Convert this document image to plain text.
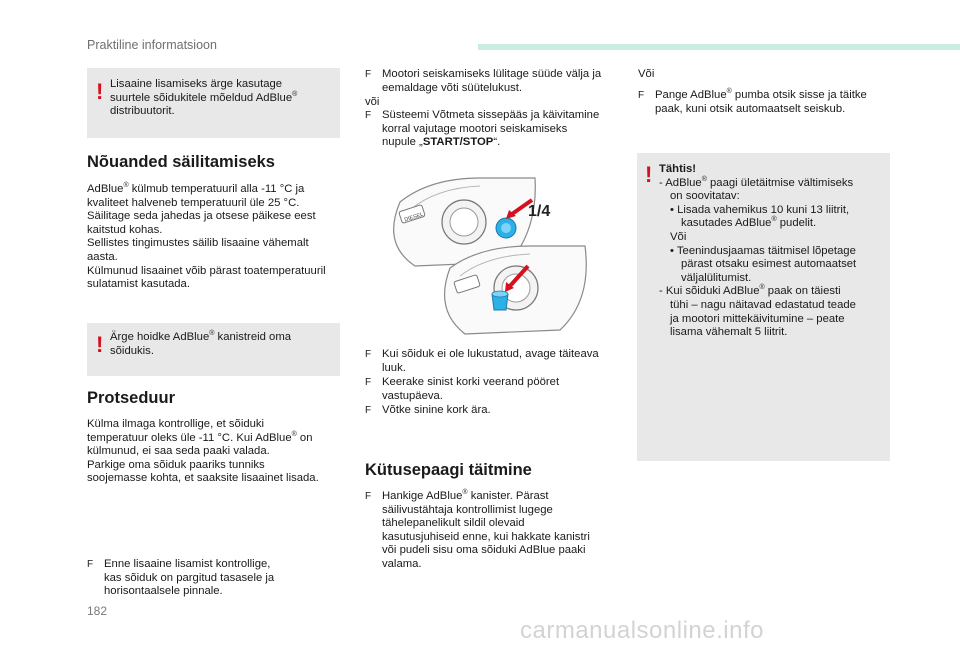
Praktiline informatsioon
! Lisaaine lisamiseks ärge kasutage
suurtele sõidukitele mõeldud AdBlue®
distribuutorit.
Nõuanded säilitamiseks
AdBlue® külmub temperatuuril alla -11 °C ja
kvaliteet halveneb temperatuuril üle 25 °C.
Säilitage seda jahedas ja otsese päikese eest
kaitstud kohas.
Sellistes tingimustes säilib lisaaine vähemalt
aasta.
Külmunud lisaainet võib pärast toatemperatuuril
sulatamist kasutada.
! Ärge hoidke AdBlue® kanistreid oma
sõidukis.
Protseduur
Külma ilmaga kontrollige, et sõiduki
temperatuur oleks üle -11 °C. Kui AdBlue® on
külmunud, ei saa seda paaki valada.
Parkige oma sõiduk paariks tunniks
soojemasse kohta, et saaksite lisaainet lisada.
F Enne lisaaine lisamist kontrollige,
kas sõiduk on pargitud tasasele ja
horisontaalsele pinnale.
F Mootori seiskamiseks lülitage süüde välja ja
eemaldage võti süütelukust.
või
F Süsteemi Võtmeta sissepääs ja käivitamine
korral vajutage mootori seiskamiseks
nupule „START/STOP“.
DIESEL	1/4
F Kui sõiduk ei ole lukustatud, avage täiteava
luuk.
F Keerake sinist korki veerand pööret
vastupäeva.
F Võtke sinine kork ära.
Kütusepaagi täitmine
F Hankige AdBlue® kanister. Pärast
säilivustähtaja kontrollimist lugege
tähelepanelikult sildil olevaid
kasutusjuhiseid enne, kui hakkate kanistri
või pudeli sisu oma sõiduki AdBlue paaki
valama.
Või
F Pange AdBlue® pumba otsik sisse ja täitke
paak, kuni otsik automaatselt seiskub.
! Tähtis!
- AdBlue® paagi ületäitmise vältimiseks
on soovitatav:
• Lisada vahemikus 10 kuni 13 liitrit,
kasutades AdBlue® pudelit.
Või
• Teenindusjaamas täitmisel lõpetage
pärast otsaku esimest automaatset
väljalülitumist.
- Kui sõiduki AdBlue® paak on täiesti
tühi – nagu näitavad edastatud teade
ja mootori mittekäivitumine – peate
lisama vähemalt 5 liitrit.
182
carmanualsonline.info
